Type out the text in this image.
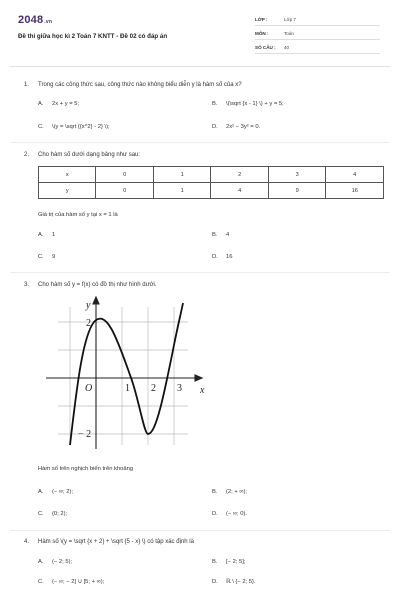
2048.vn
Đề thi giữa học kì 2 Toán 7 KNTT - Đề 02 có đáp án
LỚP :	Lớp 7
MÔN :	Toán
SỐ CÂU : 40
1. Trong các công thức sau, công thức nào không biểu diễn y là hàm số của x?
A. 2x + y = 5;	B. \(\sqrt {x - 1} \) + y = 5;
C. \(y = \sqrt {{x^2} - 2} \);	D. 2x² − 3y² = 0.
2. Cho hàm số dưới dạng bảng như sau:
x	0	1	2	3	4
y	0	1	4	9	16
Giá trị của hàm số y tại x = 1 là
A. 1	B. 4
C. 9	D. 16
3. Cho hàm số y = f(x) có đồ thị như hình dưới.
y
x
O
2
1 2 3
− 2
Hàm số trên nghịch biến trên khoảng
A. (− ∞; 2);	B. (2; + ∞);
C. (0; 2);	D. (− ∞; 0).
4. Hàm số \(y = \sqrt {x + 2} + \sqrt {5 - x} \) có tập xác định là
A. (− 2; 5);	B. [− 2; 5];
C. (− ∞; − 2] ∪ [5; + ∞);	D. ℝ \ {− 2; 5}.
